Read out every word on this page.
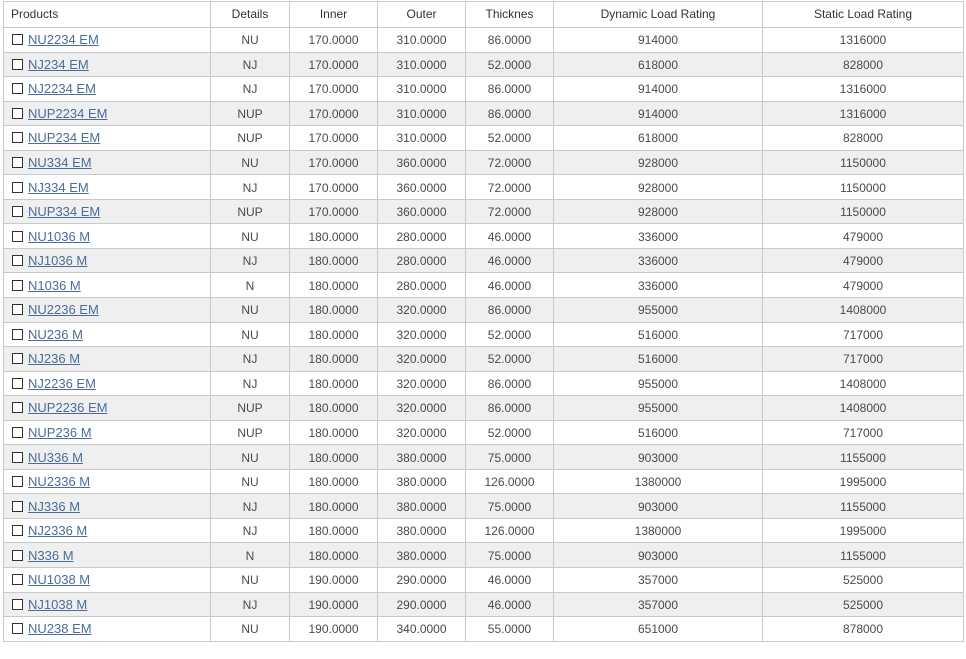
Products	Details	Inner	Outer	Thicknes	Dynamic Load Rating	Static Load Rating
NU2234 EM	NU	170.0000	310.0000	86.0000	914000	1316000
NJ234 EM	NJ	170.0000	310.0000	52.0000	618000	828000
NJ2234 EM	NJ	170.0000	310.0000	86.0000	914000	1316000
NUP2234 EM	NUP	170.0000	310.0000	86.0000	914000	1316000
NUP234 EM	NUP	170.0000	310.0000	52.0000	618000	828000
NU334 EM	NU	170.0000	360.0000	72.0000	928000	1150000
NJ334 EM	NJ	170.0000	360.0000	72.0000	928000	1150000
NUP334 EM	NUP	170.0000	360.0000	72.0000	928000	1150000
NU1036 M	NU	180.0000	280.0000	46.0000	336000	479000
NJ1036 M	NJ	180.0000	280.0000	46.0000	336000	479000
N1036 M	N	180.0000	280.0000	46.0000	336000	479000
NU2236 EM	NU	180.0000	320.0000	86.0000	955000	1408000
NU236 M	NU	180.0000	320.0000	52.0000	516000	717000
NJ236 M	NJ	180.0000	320.0000	52.0000	516000	717000
NJ2236 EM	NJ	180.0000	320.0000	86.0000	955000	1408000
NUP2236 EM	NUP	180.0000	320.0000	86.0000	955000	1408000
NUP236 M	NUP	180.0000	320.0000	52.0000	516000	717000
NU336 M	NU	180.0000	380.0000	75.0000	903000	1155000
NU2336 M	NU	180.0000	380.0000	126.0000	1380000	1995000
NJ336 M	NJ	180.0000	380.0000	75.0000	903000	1155000
NJ2336 M	NJ	180.0000	380.0000	126.0000	1380000	1995000
N336 M	N	180.0000	380.0000	75.0000	903000	1155000
NU1038 M	NU	190.0000	290.0000	46.0000	357000	525000
NJ1038 M	NJ	190.0000	290.0000	46.0000	357000	525000
NU238 EM	NU	190.0000	340.0000	55.0000	651000	878000
